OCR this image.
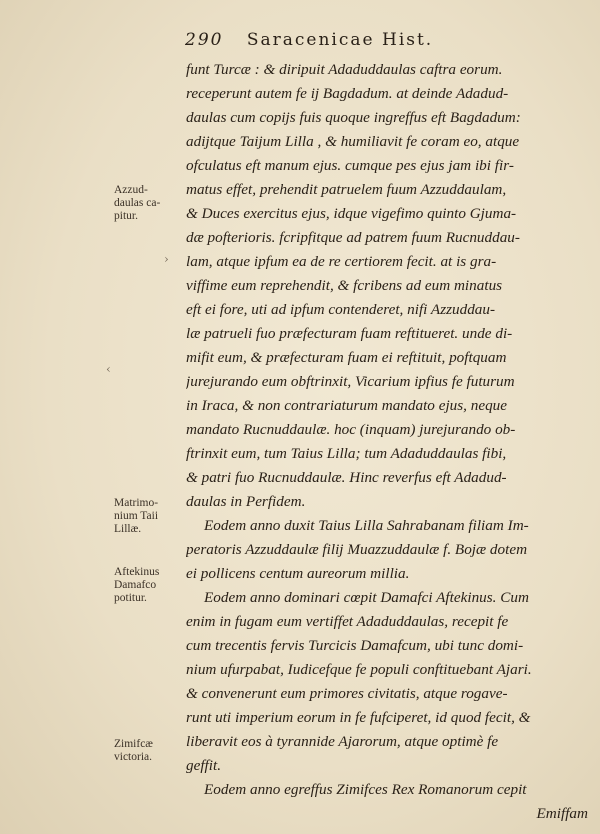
290 Saracenicae Hist.
Azzud-
daulas ca-
pitur.
Matrimo-
nium Taii
Lillæ.
Aftekinus
Damafco
potitur.
Zimifcæ
victoria.
›
‹
funt Turcæ : & diripuit Adaduddaulas caftra eorum.
receperunt autem fe ij Bagdadum. at deinde Adadud-
daulas cum copijs fuis quoque ingreffus eft Bagdadum:
adijtque Taijum Lilla , & humiliavit fe coram eo, atque
ofculatus eft manum ejus. cumque pes ejus jam ibi fir-
matus effet, prehendit patruelem fuum Azzuddaulam,
& Duces exercitus ejus, idque vigefimo quinto Gjuma-
dæ pofterioris. fcripfitque ad patrem fuum Rucnuddau-
lam, atque ipfum ea de re certiorem fecit. at is gra-
viffime eum reprehendit, & fcribens ad eum minatus
eft ei fore, uti ad ipfum contenderet, nifi Azzuddau-
læ patrueli fuo præfecturam fuam reftitueret. unde di-
mifit eum, & præfecturam fuam ei reftituit, poftquam
jurejurando eum obftrinxit, Vicarium ipfius fe futurum
in Iraca, & non contrariaturum mandato ejus, neque
mandato Rucnuddaulæ. hoc (inquam) jurejurando ob-
ftrinxit eum, tum Taius Lilla; tum Adaduddaulas fibi,
& patri fuo Rucnuddaulæ. Hinc reverfus eft Adadud-
daulas in Perfidem.
Eodem anno duxit Taius Lilla Sahrabanam filiam Im-
peratoris Azzuddaulæ filij Muazzuddaulæ f. Bojæ dotem
ei pollicens centum aureorum millia.
Eodem anno dominari cœpit Damafci Aftekinus. Cum
enim in fugam eum vertiffet Adaduddaulas, recepit fe
cum trecentis fervis Turcicis Damafcum, ubi tunc domi-
nium ufurpabat, Iudicefque fe populi conftituebant Ajari.
& convenerunt eum primores civitatis, atque rogave-
runt uti imperium eorum in fe fufciperet, id quod fecit, &
liberavit eos à tyrannide Ajarorum, atque optimè fe
geffit.
Eodem anno egreffus Zimifces Rex Romanorum cepit
Emiffam
